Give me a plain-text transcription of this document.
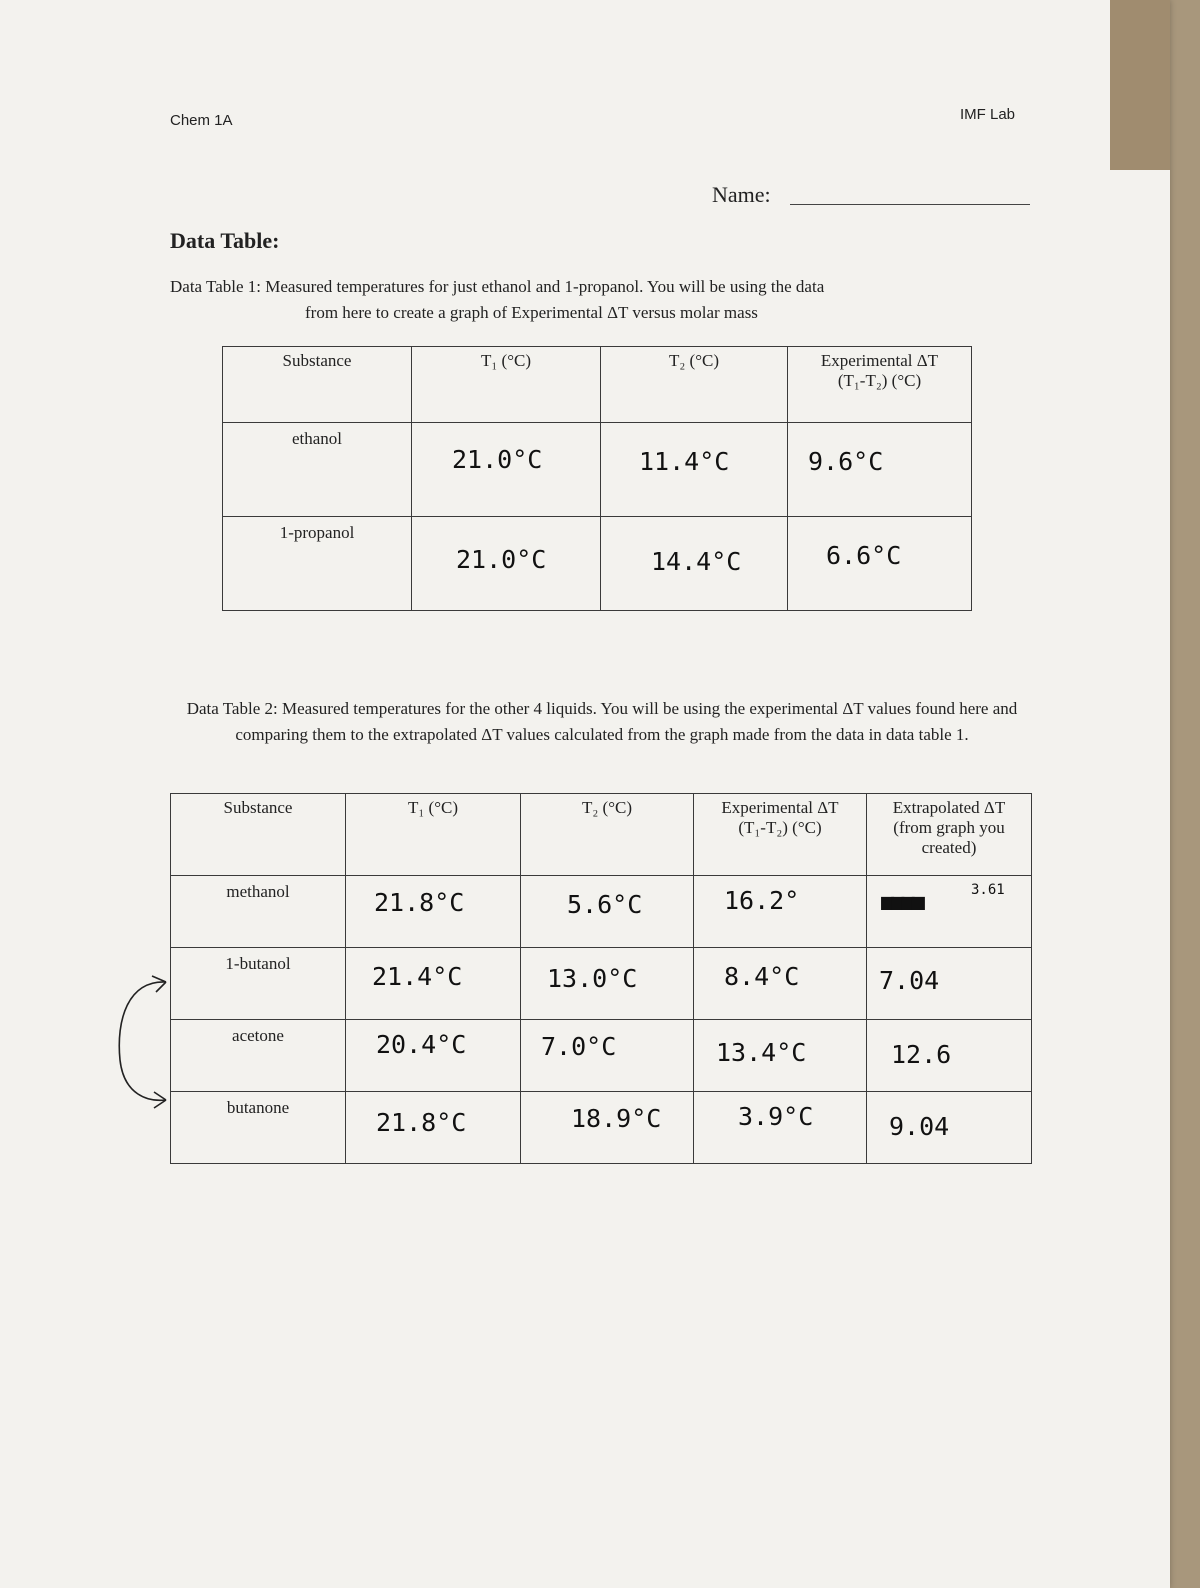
Chem 1A	IMF Lab
Name:
Data Table:
Data Table 1: Measured temperatures for just ethanol and 1-propanol. You will be using the data
from here to create a graph of Experimental ΔT versus molar mass
Substance	T₁ (°C)	T₂ (°C)	Experimental ΔT
(T₁-T₂) (°C)
ethanol	21.0°C	11.4°C	9.6°C

1-propanol	21.0°C	14.4°C	6.6°C
Data Table 2: Measured temperatures for the other 4 liquids. You will be using the experimental ΔT values found here and comparing them to the extrapolated ΔT values calculated from the graph made from the data in data table 1.
Substance	T₁ (°C)	T₂ (°C)	Experimental ΔT
(T₁-T₂) (°C)	Extrapolated ΔT
(from graph you
created)
methanol	21.8°C	5.6°C	16.2°	■■■■ 3.61

1-butanol	21.4°C	13.0°C	8.4°C	7.04

acetone	20.4°C	7.0°C	13.4°C	12.6

butanone	21.8°C	18.9°C	3.9°C	9.04
